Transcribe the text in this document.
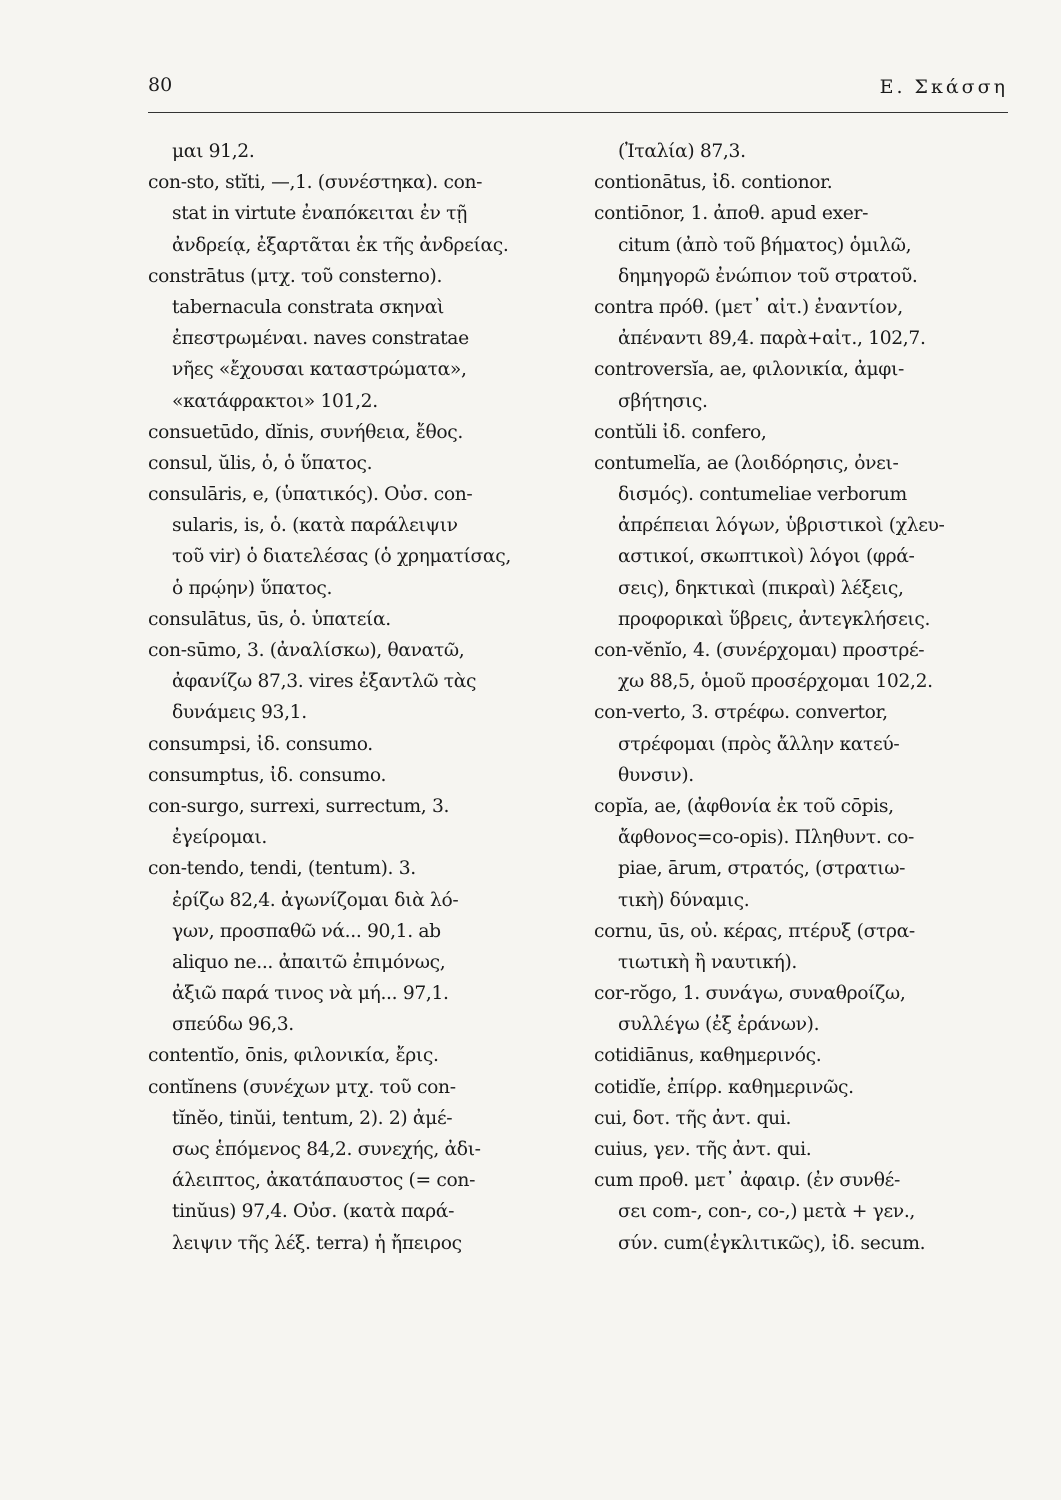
80	Ε. Σκάσση
μαι 91,2.
con-sto, stĭti, —,1. (συνέστηκα). con-
stat in virtute ἐναπόκειται ἐν τῇ
ἀνδρείᾳ, ἐξαρτᾶται ἐκ τῆς ἀνδρείας.
constrātus (μτχ. τοῦ consterno).
tabernacula constrata σκηναὶ
ἐπεστρωμέναι. naves constratae
νῆες «ἔχουσαι καταστρώματα»,
«κατάφρακτοι» 101,2.
consuetūdo, dĭnis, συνήθεια, ἔθος.
consul, ŭlis, ὁ, ὁ ὕπατος.
consulāris, e, (ὑπατικός). Οὐσ. con-
sularis, is, ὁ. (κατὰ παράλειψιν
τοῦ vir) ὁ διατελέσας (ὁ χρηματίσας,
ὁ πρῴην) ὕπατος.
consulātus, ūs, ὁ. ὑπατεία.
con-sūmo, 3. (ἀναλίσκω), θανατῶ,
ἀφανίζω 87,3. vires ἐξαντλῶ τὰς
δυνάμεις 93,1.
consumpsi, ἰδ. consumo.
consumptus, ἰδ. consumo.
con-surgo, surrexi, surrectum, 3.
ἐγείρομαι.
con-tendo, tendi, (tentum). 3.
ἐρίζω 82,4. ἀγωνίζομαι διὰ λό-
γων, προσπαθῶ νά... 90,1. ab
aliquo ne... ἀπαιτῶ ἐπιμόνως,
ἀξιῶ παρά τινος νὰ μή... 97,1.
σπεύδω 96,3.
contentĭo, ōnis, φιλονικία, ἔρις.
contĭnens (συνέχων μτχ. τοῦ con-
tĭnĕo, tinŭi, tentum, 2). 2) ἀμέ-
σως ἑπόμενος 84,2. συνεχής, ἀδι-
άλειπτος, ἀκατάπαυστος (= con-
tinŭus) 97,4. Οὐσ. (κατὰ παρά-
λειψιν τῆς λέξ. terra) ἡ ἤπειρος
(Ἰταλία) 87,3.
contionātus, ἰδ. contionor.
contiōnor, 1. ἀποθ. apud exer-
citum (ἀπὸ τοῦ βήματος) ὁμιλῶ,
δημηγορῶ ἐνώπιον τοῦ στρατοῦ.
contra πρόθ. (μετ᾽ αἰτ.) ἐναντίον,
ἀπέναντι 89,4. παρὰ+αἰτ., 102,7.
controversĭa, ae, φιλονικία, ἀμφι-
σβήτησις.
contŭli ἰδ. confero,
contumelĭa, ae (λοιδόρησις, ὀνει-
δισμός). contumeliae verborum
ἀπρέπειαι λόγων, ὑβριστικοὶ (χλευ-
αστικοί, σκωπτικοὶ) λόγοι (φρά-
σεις), δηκτικαὶ (πικραὶ) λέξεις,
προφορικαὶ ὕβρεις, ἀντεγκλήσεις.
con-vĕnĭo, 4. (συνέρχομαι) προστρέ-
χω 88,5, ὁμοῦ προσέρχομαι 102,2.
con-verto, 3. στρέφω. convertor,
στρέφομαι (πρὸς ἄλλην κατεύ-
θυνσιν).
copĭa, ae, (ἀφθονία ἐκ τοῦ cōpis,
ἄφθονος=co-opis). Πληθυντ. co-
piae, ārum, στρατός, (στρατιω-
τικὴ) δύναμις.
cornu, ūs, οὐ. κέρας, πτέρυξ (στρα-
τιωτικὴ ἢ ναυτική).
cor-rŏgo, 1. συνάγω, συναθροίζω,
συλλέγω (ἐξ ἐράνων).
cotidiānus, καθημερινός.
cotidĭe, ἐπίρρ. καθημερινῶς.
cui, δοτ. τῆς ἀντ. qui.
cuius, γεν. τῆς ἀντ. qui.
cum προθ. μετ᾽ ἀφαιρ. (ἐν συνθέ-
σει com-, con-, co-,) μετὰ + γεν.,
σύν. cum(ἐγκλιτικῶς), ἰδ. secum.
